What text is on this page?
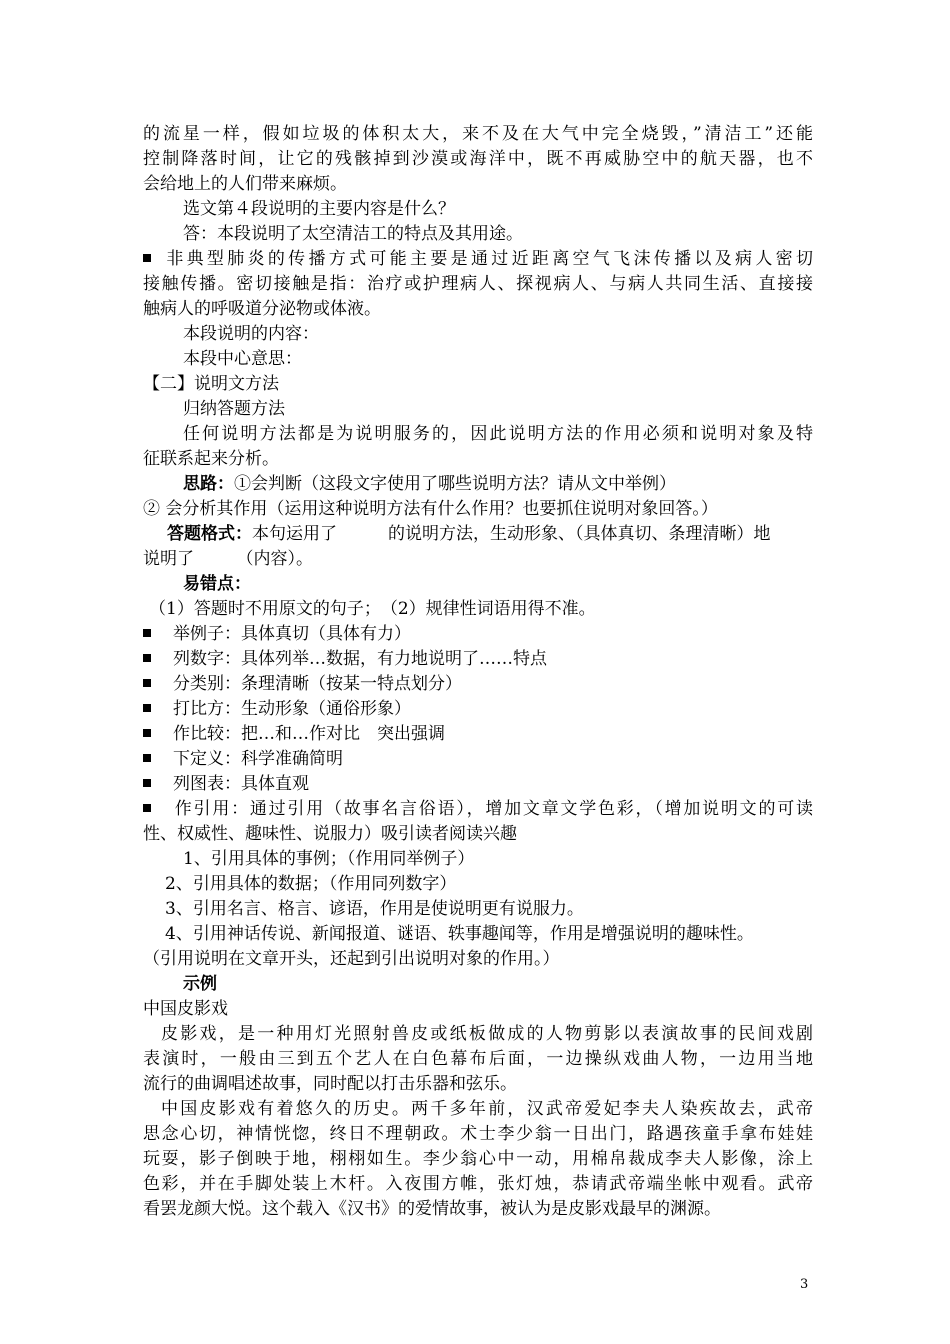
的流星一样，假如垃圾的体积太大，来不及在大气中完全烧毁，”清洁工”还能
控制降落时间，让它的残骸掉到沙漠或海洋中，既不再威胁空中的航天器，也不
会给地上的人们带来麻烦。
选文第４段说明的主要内容是什么？
答：本段说明了太空清洁工的特点及其用途。
非典型肺炎的传播方式可能主要是通过近距离空气飞沫传播以及病人密切
接触传播。密切接触是指：治疗或护理病人、探视病人、与病人共同生活、直接接
触病人的呼吸道分泌物或体液。
本段说明的内容：
本段中心意思：
【二】说明文方法
归纳答题方法
任何说明方法都是为说明服务的，因此说明方法的作用必须和说明对象及特
征联系起来分析。
思路：①会判断（这段文字使用了哪些说明方法？请从文中举例）
② 会分析其作用（运用这种说明方法有什么作用？也要抓住说明对象回答。）
答题格式：本句运用了　　　的说明方法，生动形象、（具体真切、条理清晰）地
说明了　　　（内容）。
易错点：
（1）答题时不用原文的句子；　（2）规律性词语用得不准。
举例子：具体真切（具体有力）
列数字：具体列举…数据，有力地说明了……特点
分类别：条理清晰（按某一特点划分）
打比方：生动形象（通俗形象）
作比较：把…和…作对比　突出强调
下定义：科学准确简明
列图表：具体直观
作引用：通过引用（故事名言俗语），增加文章文学色彩，（增加说明文的可读
性、权威性、趣味性、说服力）吸引读者阅读兴趣
1、引用具体的事例；（作用同举例子）
2、引用具体的数据；（作用同列数字）
3、引用名言、格言、谚语，作用是使说明更有说服力。
4、引用神话传说、新闻报道、谜语、轶事趣闻等，作用是增强说明的趣味性。
（引用说明在文章开头，还起到引出说明对象的作用。）
示例
中国皮影戏
皮影戏，是一种用灯光照射兽皮或纸板做成的人物剪影以表演故事的民间戏剧
表演时，一般由三到五个艺人在白色幕布后面，一边操纵戏曲人物，一边用当地
流行的曲调唱述故事，同时配以打击乐器和弦乐。
中国皮影戏有着悠久的历史。两千多年前，汉武帝爱妃李夫人染疾故去，武帝
思念心切，神情恍惚，终日不理朝政。术士李少翁一日出门，路遇孩童手拿布娃娃
玩耍，影子倒映于地，栩栩如生。李少翁心中一动，用棉帛裁成李夫人影像，涂上
色彩，并在手脚处装上木杆。入夜围方帷，张灯烛，恭请武帝端坐帐中观看。武帝
看罢龙颜大悦。这个载入《汉书》的爱情故事，被认为是皮影戏最早的渊源。
3
